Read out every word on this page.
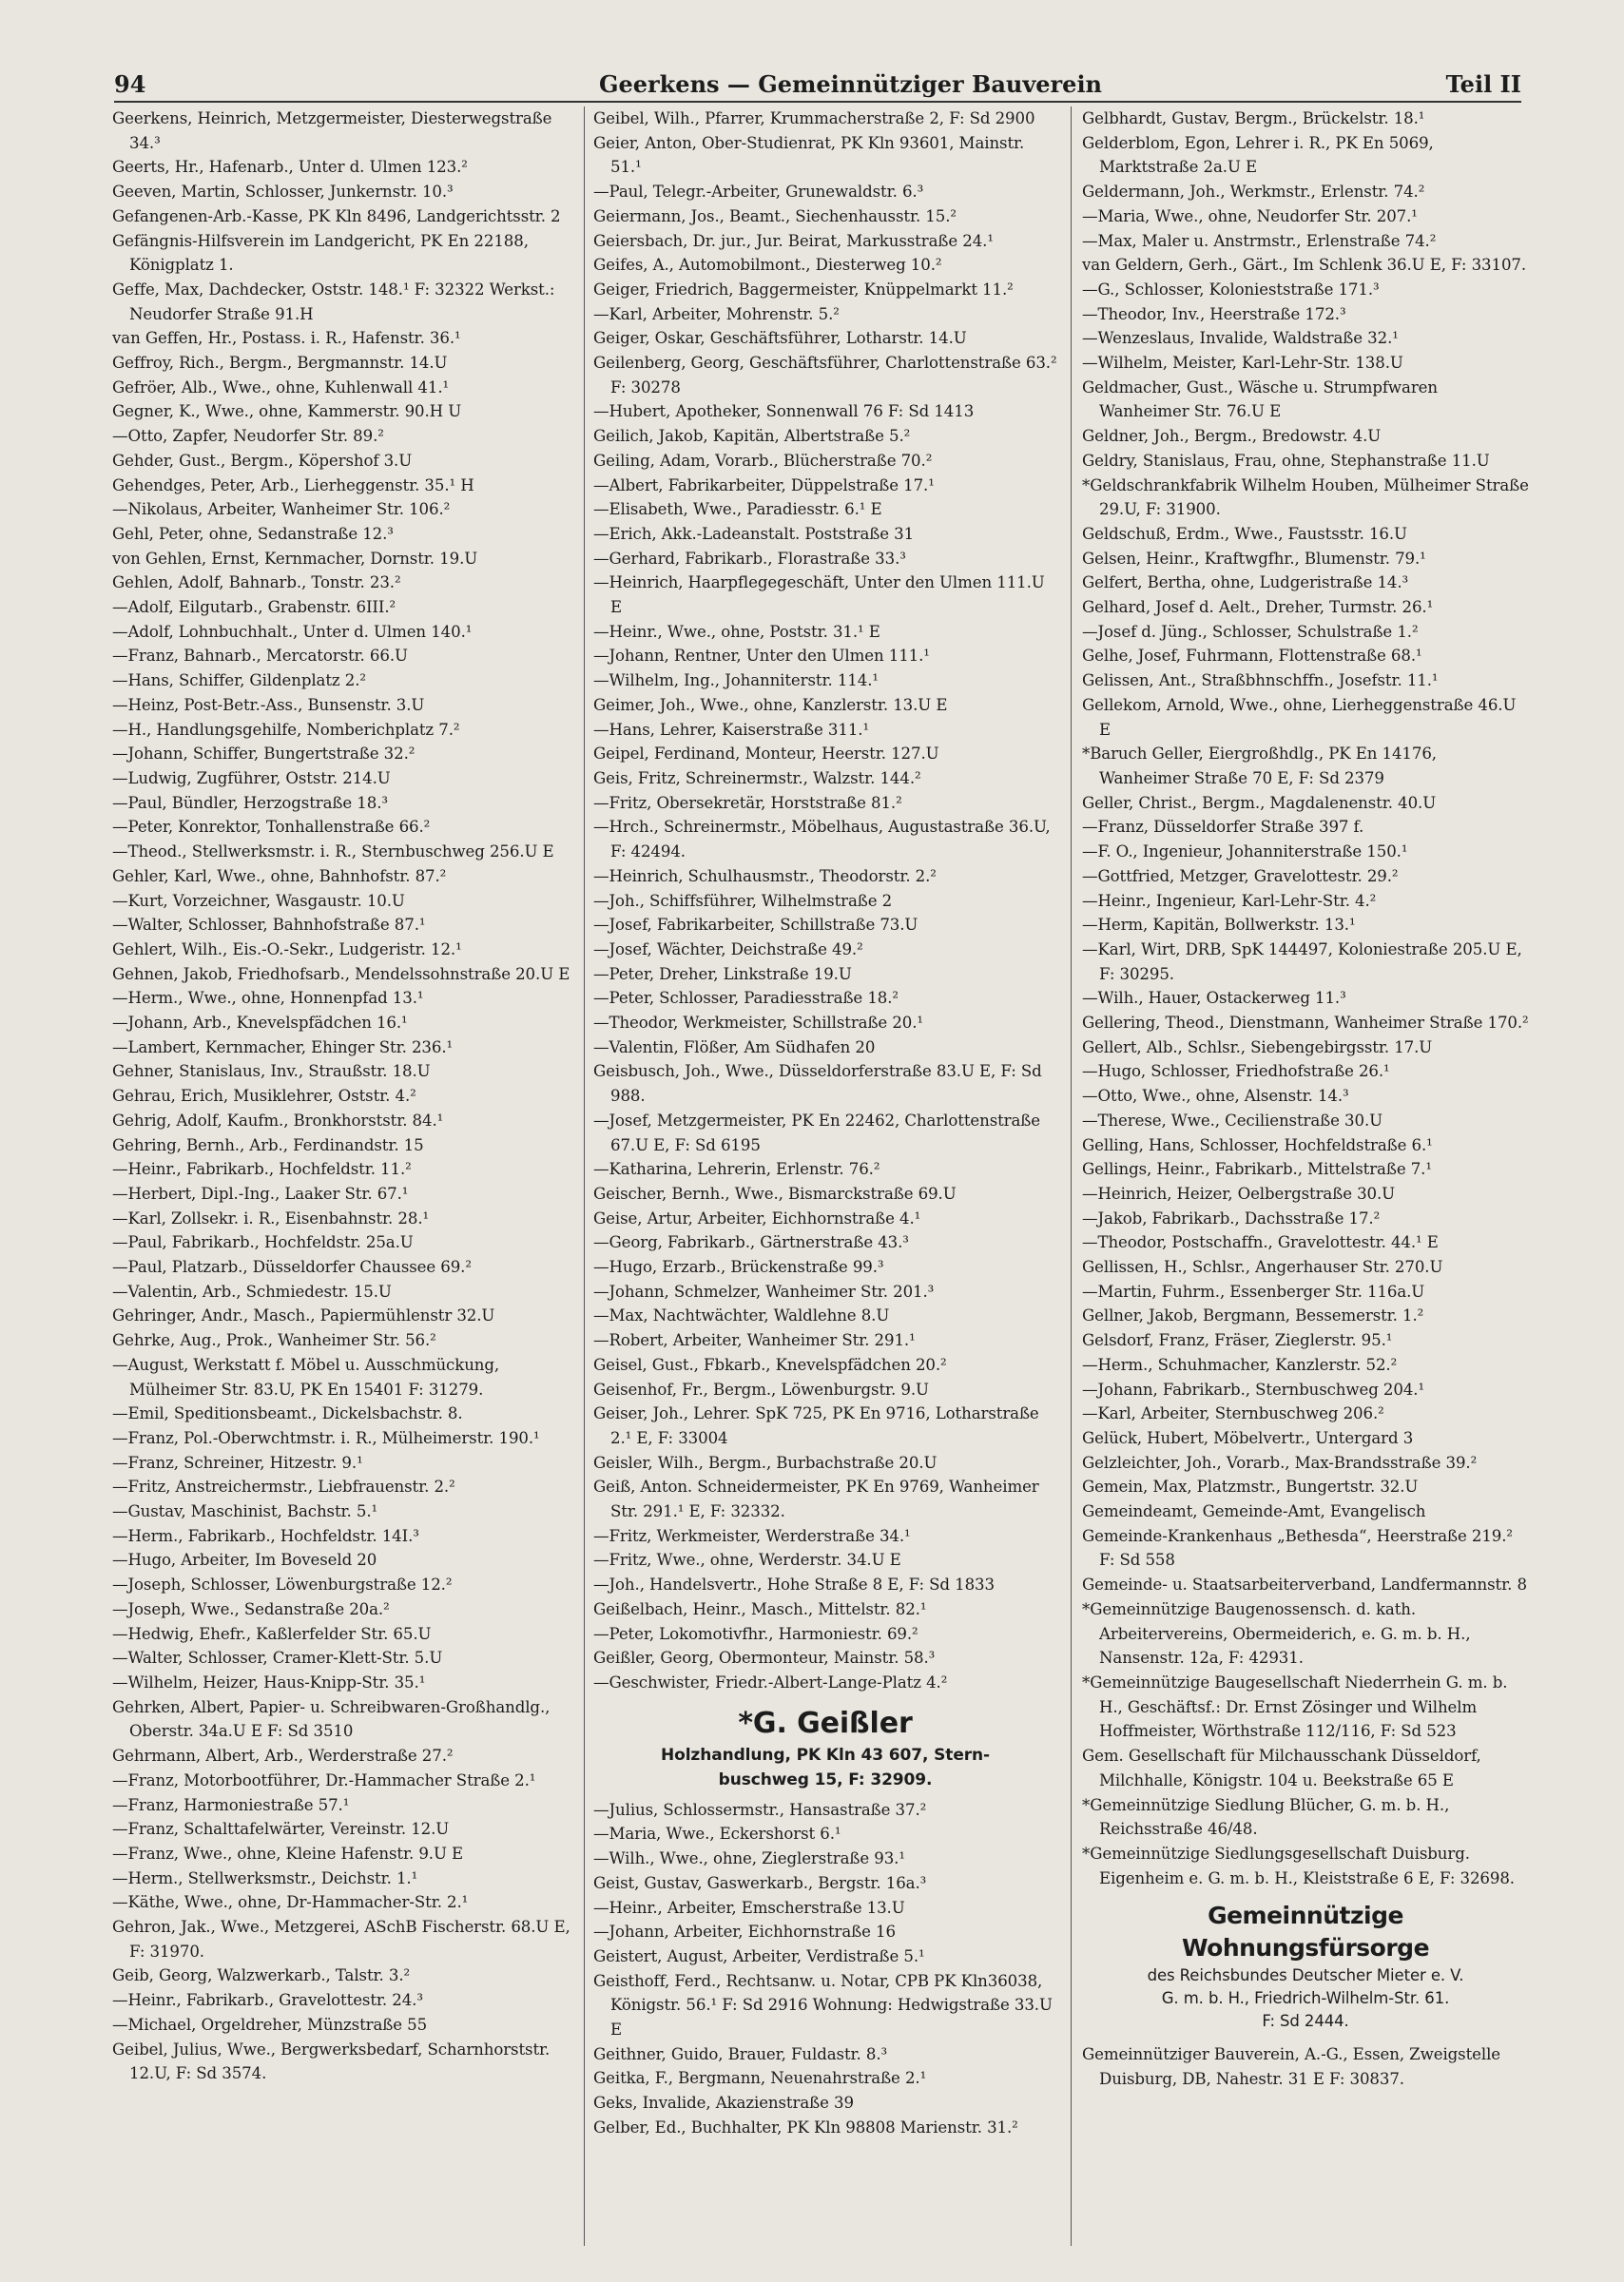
94	Geerkens — Gemeinnütziger Bauverein	Teil II
Geerkens, Heinrich, Metzgermeister, Diesterwegstraße 34.³
Geerts, Hr., Hafenarb., Unter d. Ulmen 123.²
Geeven, Martin, Schlosser, Junkernstr. 10.³
Gefangenen-Arb.-Kasse, PK Kln 8496, Landgerichtsstr. 2
Gefängnis-Hilfsverein im Landgericht, PK En 22188, Königplatz 1.
Geffe, Max, Dachdecker, Oststr. 148.¹ F: 32322 Werkst.: Neudorfer Straße 91.H
van Geffen, Hr., Postass. i. R., Hafenstr. 36.¹
Geffroy, Rich., Bergm., Bergmannstr. 14.U
Gefröer, Alb., Wwe., ohne, Kuhlenwall 41.¹
Gegner, K., Wwe., ohne, Kammerstr. 90.H U
—Otto, Zapfer, Neudorfer Str. 89.²
Gehder, Gust., Bergm., Köpershof 3.U
Gehendges, Peter, Arb., Lierheggenstr. 35.¹ H
—Nikolaus, Arbeiter, Wanheimer Str. 106.²
Gehl, Peter, ohne, Sedanstraße 12.³
von Gehlen, Ernst, Kernmacher, Dornstr. 19.U
Gehlen, Adolf, Bahnarb., Tonstr. 23.²
—Adolf, Eilgutarb., Grabenstr. 6III.²
—Adolf, Lohnbuchhalt., Unter d. Ulmen 140.¹
—Franz, Bahnarb., Mercatorstr. 66.U
—Hans, Schiffer, Gildenplatz 2.²
—Heinz, Post-Betr.-Ass., Bunsenstr. 3.U
—H., Handlungsgehilfe, Nomberichplatz 7.²
—Johann, Schiffer, Bungertstraße 32.²
—Ludwig, Zugführer, Oststr. 214.U
—Paul, Bündler, Herzogstraße 18.³
—Peter, Konrektor, Tonhallenstraße 66.²
—Theod., Stellwerksmstr. i. R., Sternbuschweg 256.U E
Gehler, Karl, Wwe., ohne, Bahnhofstr. 87.²
—Kurt, Vorzeichner, Wasgaustr. 10.U
—Walter, Schlosser, Bahnhofstraße 87.¹
Gehlert, Wilh., Eis.-O.-Sekr., Ludgeristr. 12.¹
Gehnen, Jakob, Friedhofsarb., Mendelssohnstraße 20.U E
—Herm., Wwe., ohne, Honnenpfad 13.¹
—Johann, Arb., Knevelspfädchen 16.¹
—Lambert, Kernmacher, Ehinger Str. 236.¹
Gehner, Stanislaus, Inv., Straußstr. 18.U
Gehrau, Erich, Musiklehrer, Oststr. 4.²
Gehrig, Adolf, Kaufm., Bronkhorststr. 84.¹
Gehring, Bernh., Arb., Ferdinandstr. 15
—Heinr., Fabrikarb., Hochfeldstr. 11.²
—Herbert, Dipl.-Ing., Laaker Str. 67.¹
—Karl, Zollsekr. i. R., Eisenbahnstr. 28.¹
—Paul, Fabrikarb., Hochfeldstr. 25a.U
—Paul, Platzarb., Düsseldorfer Chaussee 69.²
—Valentin, Arb., Schmiedestr. 15.U
Gehringer, Andr., Masch., Papiermühlenstr 32.U
Gehrke, Aug., Prok., Wanheimer Str. 56.²
—August, Werkstatt f. Möbel u. Ausschmückung, Mülheimer Str. 83.U, PK En 15401 F: 31279.
—Emil, Speditionsbeamt., Dickelsbachstr. 8.
—Franz, Pol.-Oberwchtmstr. i. R., Mülheimerstr. 190.¹
—Franz, Schreiner, Hitzestr. 9.¹
—Fritz, Anstreichermstr., Liebfrauenstr. 2.²
—Gustav, Maschinist, Bachstr. 5.¹
—Herm., Fabrikarb., Hochfeldstr. 14I.³
—Hugo, Arbeiter, Im Boveseld 20
—Joseph, Schlosser, Löwenburgstraße 12.²
—Joseph, Wwe., Sedanstraße 20a.²
—Hedwig, Ehefr., Kaßlerfelder Str. 65.U
—Walter, Schlosser, Cramer-Klett-Str. 5.U
—Wilhelm, Heizer, Haus-Knipp-Str. 35.¹
Gehrken, Albert, Papier- u. Schreibwaren-Großhandlg., Oberstr. 34a.U E F: Sd 3510
Gehrmann, Albert, Arb., Werderstraße 27.²
—Franz, Motorbootführer, Dr.-Hammacher Straße 2.¹
—Franz, Harmoniestraße 57.¹
—Franz, Schalttafelwärter, Vereinstr. 12.U
—Franz, Wwe., ohne, Kleine Hafenstr. 9.U E
—Herm., Stellwerksmstr., Deichstr. 1.¹
—Käthe, Wwe., ohne, Dr-Hammacher-Str. 2.¹
Gehron, Jak., Wwe., Metzgerei, ASchB Fischerstr. 68.U E, F: 31970.
Geib, Georg, Walzwerkarb., Talstr. 3.²
—Heinr., Fabrikarb., Gravelottestr. 24.³
—Michael, Orgeldreher, Münzstraße 55
Geibel, Julius, Wwe., Bergwerksbedarf, Scharnhorststr. 12.U, F: Sd 3574.
Geibel, Wilh., Pfarrer, Krummacherstraße 2, F: Sd 2900
Geier, Anton, Ober-Studienrat, PK Kln 93601, Mainstr. 51.¹
—Paul, Telegr.-Arbeiter, Grunewaldstr. 6.³
Geiermann, Jos., Beamt., Siechenhausstr. 15.²
Geiersbach, Dr. jur., Jur. Beirat, Markusstraße 24.¹
Geifes, A., Automobilmont., Diesterweg 10.²
Geiger, Friedrich, Baggermeister, Knüppelmarkt 11.²
—Karl, Arbeiter, Mohrenstr. 5.²
Geiger, Oskar, Geschäftsführer, Lotharstr. 14.U
Geilenberg, Georg, Geschäftsführer, Charlottenstraße 63.² F: 30278
—Hubert, Apotheker, Sonnenwall 76 F: Sd 1413
Geilich, Jakob, Kapitän, Albertstraße 5.²
Geiling, Adam, Vorarb., Blücherstraße 70.²
—Albert, Fabrikarbeiter, Düppelstraße 17.¹
—Elisabeth, Wwe., Paradiesstr. 6.¹ E
—Erich, Akk.-Ladeanstalt. Poststraße 31
—Gerhard, Fabrikarb., Florastraße 33.³
—Heinrich, Haarpflegegeschäft, Unter den Ulmen 111.U E
—Heinr., Wwe., ohne, Poststr. 31.¹ E
—Johann, Rentner, Unter den Ulmen 111.¹
—Wilhelm, Ing., Johanniterstr. 114.¹
Geimer, Joh., Wwe., ohne, Kanzlerstr. 13.U E
—Hans, Lehrer, Kaiserstraße 311.¹
Geipel, Ferdinand, Monteur, Heerstr. 127.U
Geis, Fritz, Schreinermstr., Walzstr. 144.²
—Fritz, Obersekretär, Horststraße 81.²
—Hrch., Schreinermstr., Möbelhaus, Augustastraße 36.U, F: 42494.
—Heinrich, Schulhausmstr., Theodorstr. 2.²
—Joh., Schiffsführer, Wilhelmstraße 2
—Josef, Fabrikarbeiter, Schillstraße 73.U
—Josef, Wächter, Deichstraße 49.²
—Peter, Dreher, Linkstraße 19.U
—Peter, Schlosser, Paradiesstraße 18.²
—Theodor, Werkmeister, Schillstraße 20.¹
—Valentin, Flößer, Am Südhafen 20
Geisbusch, Joh., Wwe., Düsseldorferstraße 83.U E, F: Sd 988.
—Josef, Metzgermeister, PK En 22462, Charlottenstraße 67.U E, F: Sd 6195
—Katharina, Lehrerin, Erlenstr. 76.²
Geischer, Bernh., Wwe., Bismarckstraße 69.U
Geise, Artur, Arbeiter, Eichhornstraße 4.¹
—Georg, Fabrikarb., Gärtnerstraße 43.³
—Hugo, Erzarb., Brückenstraße 99.³
—Johann, Schmelzer, Wanheimer Str. 201.³
—Max, Nachtwächter, Waldlehne 8.U
—Robert, Arbeiter, Wanheimer Str. 291.¹
Geisel, Gust., Fbkarb., Knevelspfädchen 20.²
Geisenhof, Fr., Bergm., Löwenburgstr. 9.U
Geiser, Joh., Lehrer. SpK 725, PK En 9716, Lotharstraße 2.¹ E, F: 33004
Geisler, Wilh., Bergm., Burbachstraße 20.U
Geiß, Anton. Schneidermeister, PK En 9769, Wanheimer Str. 291.¹ E, F: 32332.
—Fritz, Werkmeister, Werderstraße 34.¹
—Fritz, Wwe., ohne, Werderstr. 34.U E
—Joh., Handelsvertr., Hohe Straße 8 E, F: Sd 1833
Geißelbach, Heinr., Masch., Mittelstr. 82.¹
—Peter, Lokomotivfhr., Harmoniestr. 69.²
Geißler, Georg, Obermonteur, Mainstr. 58.³
—Geschwister, Friedr.-Albert-Lange-Platz 4.²
*G. Geißler
Holzhandlung, PK Kln 43 607, Stern-
buschweg 15, F: 32909.
—Julius, Schlossermstr., Hansastraße 37.²
—Maria, Wwe., Eckershorst 6.¹
—Wilh., Wwe., ohne, Zieglerstraße 93.¹
Geist, Gustav, Gaswerkarb., Bergstr. 16a.³
—Heinr., Arbeiter, Emscherstraße 13.U
—Johann, Arbeiter, Eichhornstraße 16
Geistert, August, Arbeiter, Verdistraße 5.¹
Geisthoff, Ferd., Rechtsanw. u. Notar, CPB PK Kln36038, Königstr. 56.¹ F: Sd 2916 Wohnung: Hedwigstraße 33.U E
Geithner, Guido, Brauer, Fuldastr. 8.³
Geitka, F., Bergmann, Neuenahrstraße 2.¹
Geks, Invalide, Akazienstraße 39
Gelber, Ed., Buchhalter, PK Kln 98808 Marienstr. 31.²
Gelbhardt, Gustav, Bergm., Brückelstr. 18.¹
Gelderblom, Egon, Lehrer i. R., PK En 5069, Marktstraße 2a.U E
Geldermann, Joh., Werkmstr., Erlenstr. 74.²
—Maria, Wwe., ohne, Neudorfer Str. 207.¹
—Max, Maler u. Anstrmstr., Erlenstraße 74.²
van Geldern, Gerh., Gärt., Im Schlenk 36.U E, F: 33107.
—G., Schlosser, Kolonieststraße 171.³
—Theodor, Inv., Heerstraße 172.³
—Wenzeslaus, Invalide, Waldstraße 32.¹
—Wilhelm, Meister, Karl-Lehr-Str. 138.U
Geldmacher, Gust., Wäsche u. Strumpfwaren Wanheimer Str. 76.U E
Geldner, Joh., Bergm., Bredowstr. 4.U
Geldry, Stanislaus, Frau, ohne, Stephanstraße 11.U
*Geldschrankfabrik Wilhelm Houben, Mülheimer Straße 29.U, F: 31900.
Geldschuß, Erdm., Wwe., Faustsstr. 16.U
Gelsen, Heinr., Kraftwgfhr., Blumenstr. 79.¹
Gelfert, Bertha, ohne, Ludgeristraße 14.³
Gelhard, Josef d. Aelt., Dreher, Turmstr. 26.¹
—Josef d. Jüng., Schlosser, Schulstraße 1.²
Gelhe, Josef, Fuhrmann, Flottenstraße 68.¹
Gelissen, Ant., Straßbhnschffn., Josefstr. 11.¹
Gellekom, Arnold, Wwe., ohne, Lierheggenstraße 46.U E
*Baruch Geller, Eiergroßhdlg., PK En 14176, Wanheimer Straße 70 E, F: Sd 2379
Geller, Christ., Bergm., Magdalenenstr. 40.U
—Franz, Düsseldorfer Straße 397 f.
—F. O., Ingenieur, Johanniterstraße 150.¹
—Gottfried, Metzger, Gravelottestr. 29.²
—Heinr., Ingenieur, Karl-Lehr-Str. 4.²
—Herm, Kapitän, Bollwerkstr. 13.¹
—Karl, Wirt, DRB, SpK 144497, Koloniestraße 205.U E, F: 30295.
—Wilh., Hauer, Ostackerweg 11.³
Gellering, Theod., Dienstmann, Wanheimer Straße 170.²
Gellert, Alb., Schlsr., Siebengebirgsstr. 17.U
—Hugo, Schlosser, Friedhofstraße 26.¹
—Otto, Wwe., ohne, Alsenstr. 14.³
—Therese, Wwe., Cecilienstraße 30.U
Gelling, Hans, Schlosser, Hochfeldstraße 6.¹
Gellings, Heinr., Fabrikarb., Mittelstraße 7.¹
—Heinrich, Heizer, Oelbergstraße 30.U
—Jakob, Fabrikarb., Dachsstraße 17.²
—Theodor, Postschaffn., Gravelottestr. 44.¹ E
Gellissen, H., Schlsr., Angerhauser Str. 270.U
—Martin, Fuhrm., Essenberger Str. 116a.U
Gellner, Jakob, Bergmann, Bessemerstr. 1.²
Gelsdorf, Franz, Fräser, Zieglerstr. 95.¹
—Herm., Schuhmacher, Kanzlerstr. 52.²
—Johann, Fabrikarb., Sternbuschweg 204.¹
—Karl, Arbeiter, Sternbuschweg 206.²
Gelück, Hubert, Möbelvertr., Untergard 3
Gelzleichter, Joh., Vorarb., Max-Brandsstraße 39.²
Gemein, Max, Platzmstr., Bungertstr. 32.U
Gemeindeamt, Gemeinde-Amt, Evangelisch
Gemeinde-Krankenhaus „Bethesda“, Heerstraße 219.² F: Sd 558
Gemeinde- u. Staatsarbeiterverband, Landfermannstr. 8
*Gemeinnützige Baugenossensch. d. kath. Arbeitervereins, Obermeiderich, e. G. m. b. H., Nansenstr. 12a, F: 42931.
*Gemeinnützige Baugesellschaft Niederrhein G. m. b. H., Geschäftsf.: Dr. Ernst Zösinger und Wilhelm Hoffmeister, Wörthstraße 112/116, F: Sd 523
Gem. Gesellschaft für Milchausschank Düsseldorf, Milchhalle, Königstr. 104 u. Beekstraße 65 E
*Gemeinnützige Siedlung Blücher, G. m. b. H., Reichsstraße 46/48.
*Gemeinnützige Siedlungsgesellschaft Duisburg. Eigenheim e. G. m. b. H., Kleiststraße 6 E, F: 32698.
Gemeinnützige Wohnungsfürsorge
des Reichsbundes Deutscher Mieter e. V.
G. m. b. H., Friedrich-Wilhelm-Str. 61.
F: Sd 2444.
Gemeinnütziger Bauverein, A.-G., Essen, Zweigstelle Duisburg, DB, Nahestr. 31 E F: 30837.
